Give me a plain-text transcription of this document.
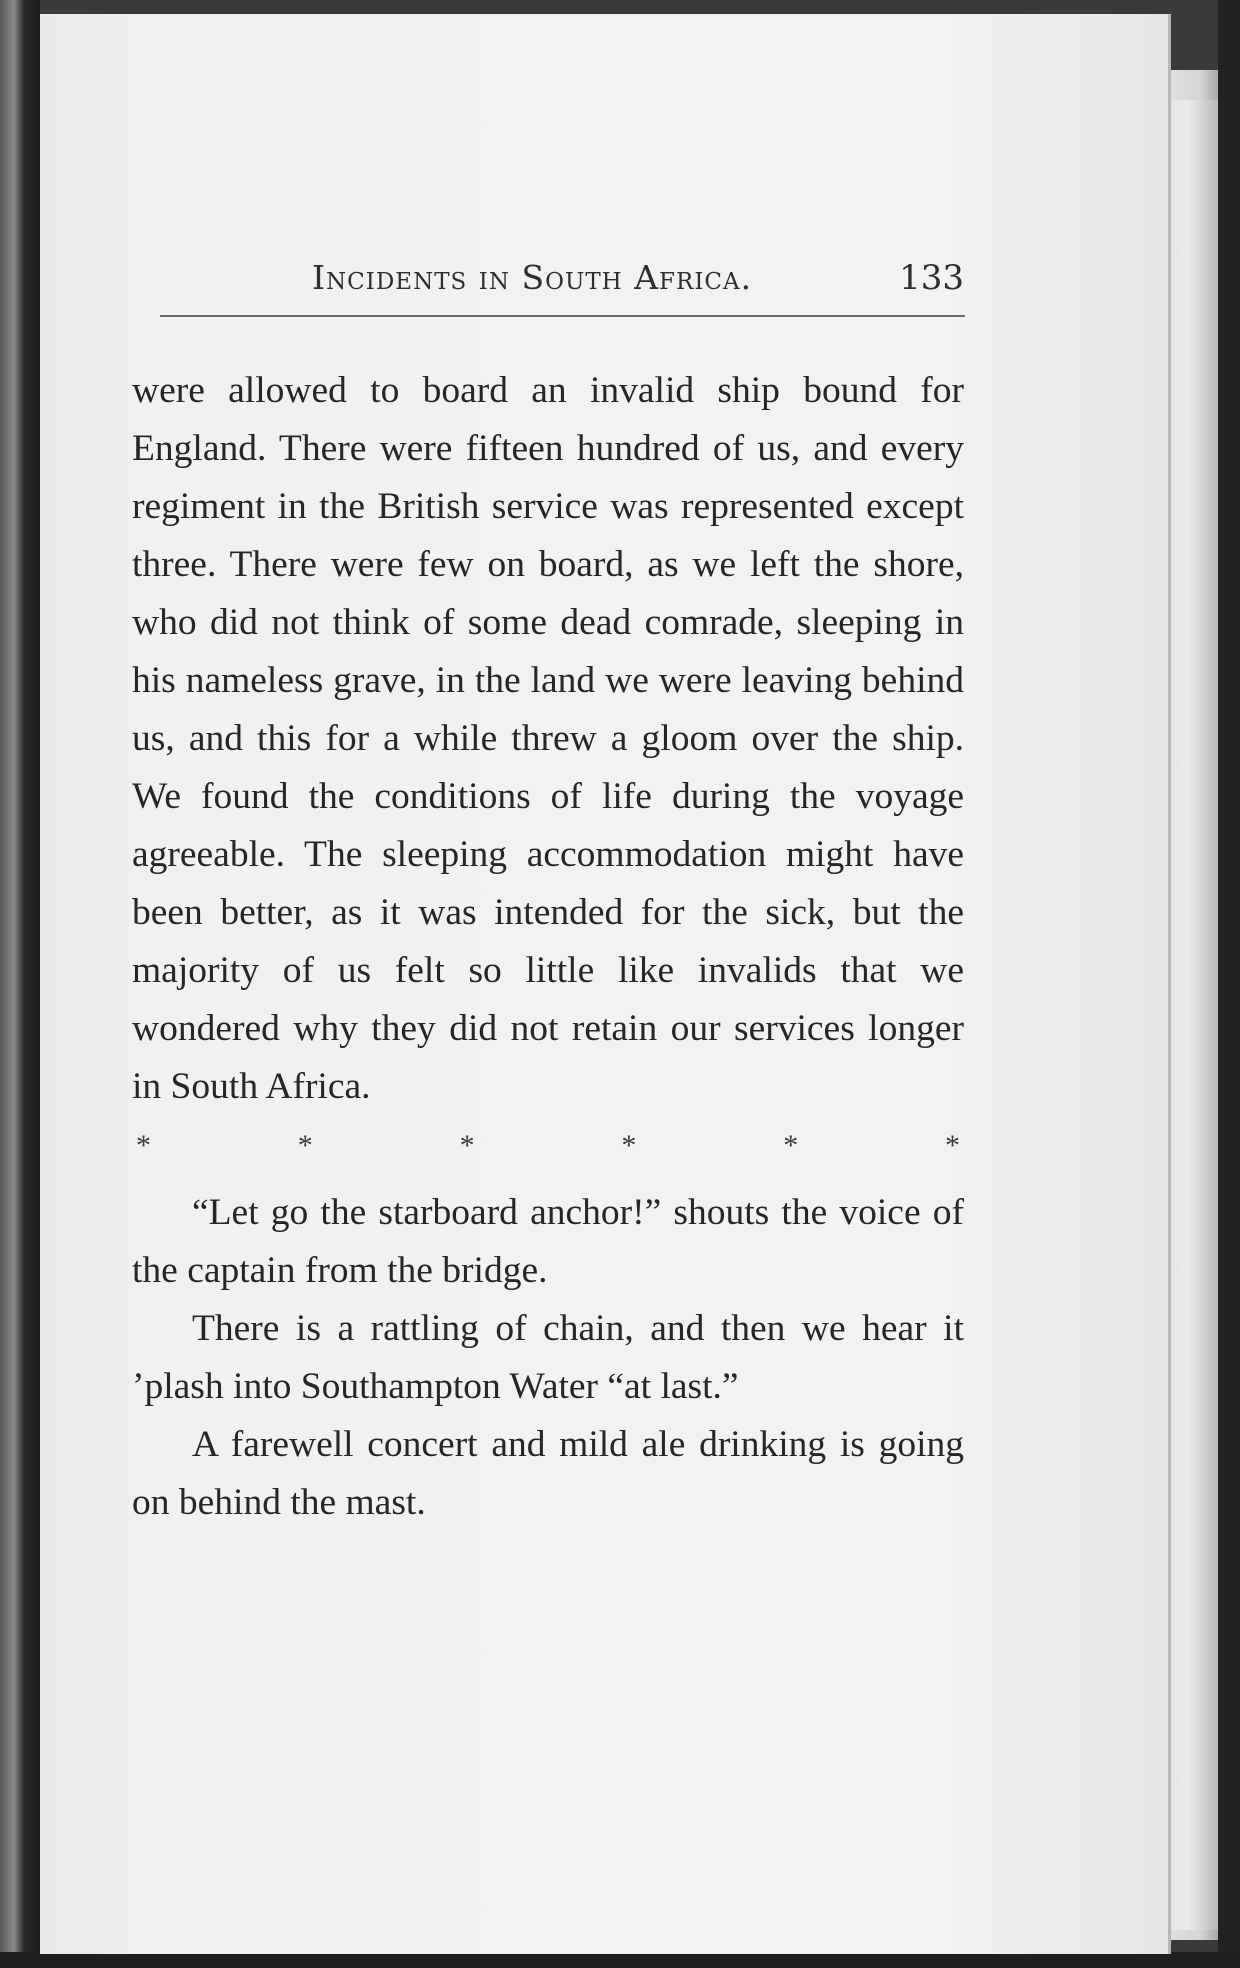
Incidents in South Africa.	133

were allowed to board an invalid ship bound for England. There were fifteen hundred of us, and every regiment in the British service was represented except three. There were few on board, as we left the shore, who did not think of some dead comrade, sleeping in his nameless grave, in the land we were leaving behind us, and this for a while threw a gloom over the ship. We found the conditions of life during the voyage agreeable. The sleeping accommodation might have been better, as it was intended for the sick, but the majority of us felt so little like invalids that we wondered why they did not retain our services longer in South Africa.

*	*	*	*	*	*

“Let go the starboard anchor!” shouts the voice of the captain from the bridge.

There is a rattling of chain, and then we hear it ’plash into Southampton Water “at last.”

A farewell concert and mild ale drinking is going on behind the mast.
